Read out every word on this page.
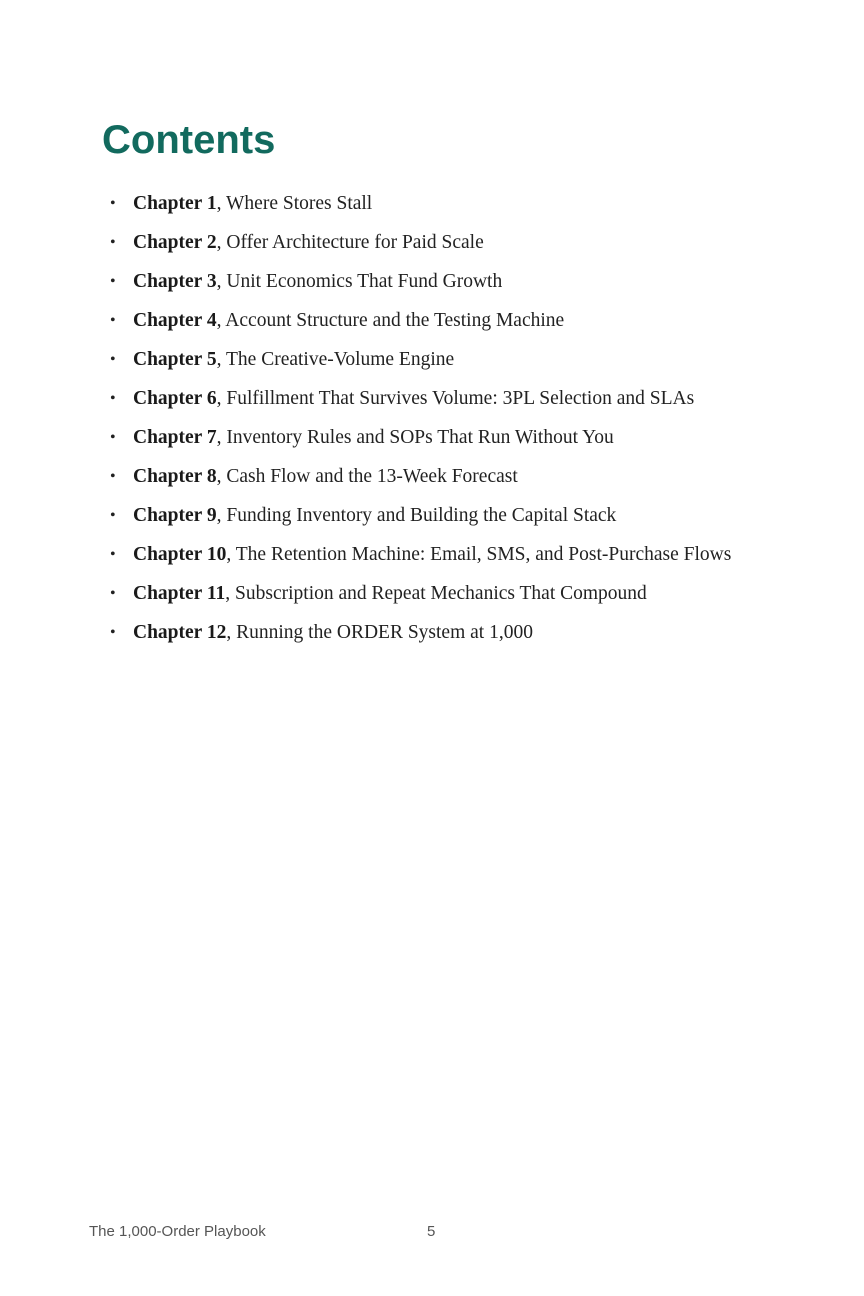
Contents
• Chapter 1, Where Stores Stall
• Chapter 2, Offer Architecture for Paid Scale
• Chapter 3, Unit Economics That Fund Growth
• Chapter 4, Account Structure and the Testing Machine
• Chapter 5, The Creative-Volume Engine
• Chapter 6, Fulfillment That Survives Volume: 3PL Selection and SLAs
• Chapter 7, Inventory Rules and SOPs That Run Without You
• Chapter 8, Cash Flow and the 13-Week Forecast
• Chapter 9, Funding Inventory and Building the Capital Stack
• Chapter 10, The Retention Machine: Email, SMS, and Post-Purchase Flows
• Chapter 11, Subscription and Repeat Mechanics That Compound
• Chapter 12, Running the ORDER System at 1,000
The 1,000-Order Playbook	5
